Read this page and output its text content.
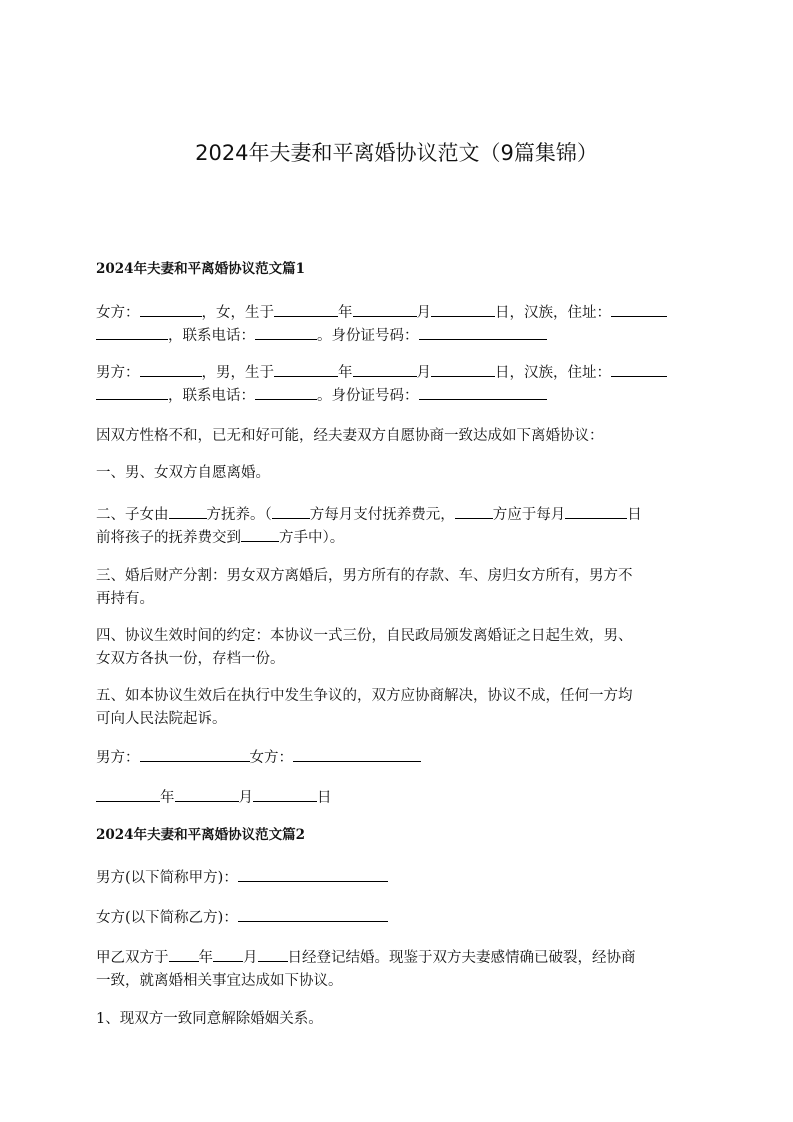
2024年夫妻和平离婚协议范文（9篇集锦）
2024年夫妻和平离婚协议范文篇1
女方：	，女，生于	年	月	日，汉族，住址：
，联系电话：	。身份证号码：
男方：	，男，生于	年	月	日，汉族，住址：
，联系电话：	。身份证号码：
因双方性格不和，已无和好可能，经夫妻双方自愿协商一致达成如下离婚协议：
一、男、女双方自愿离婚。
二、子女由	方抚养。（	方每月支付抚养费元，	方应于每月	日
前将孩子的抚养费交到	方手中）。
三、婚后财产分割：男女双方离婚后，男方所有的存款、车、房归女方所有，男方不
再持有。
四、协议生效时间的约定：本协议一式三份，自民政局颁发离婚证之日起生效，男、
女双方各执一份，存档一份。
五、如本协议生效后在执行中发生争议的，双方应协商解决，协议不成，任何一方均
可向人民法院起诉。
男方：	女方：
年	月	日
2024年夫妻和平离婚协议范文篇2
男方(以下简称甲方)：
女方(以下简称乙方)：
甲乙双方于 年 月 日经登记结婚。现鉴于双方夫妻感情确已破裂，经协商
一致，就离婚相关事宜达成如下协议。
1、现双方一致同意解除婚姻关系。
